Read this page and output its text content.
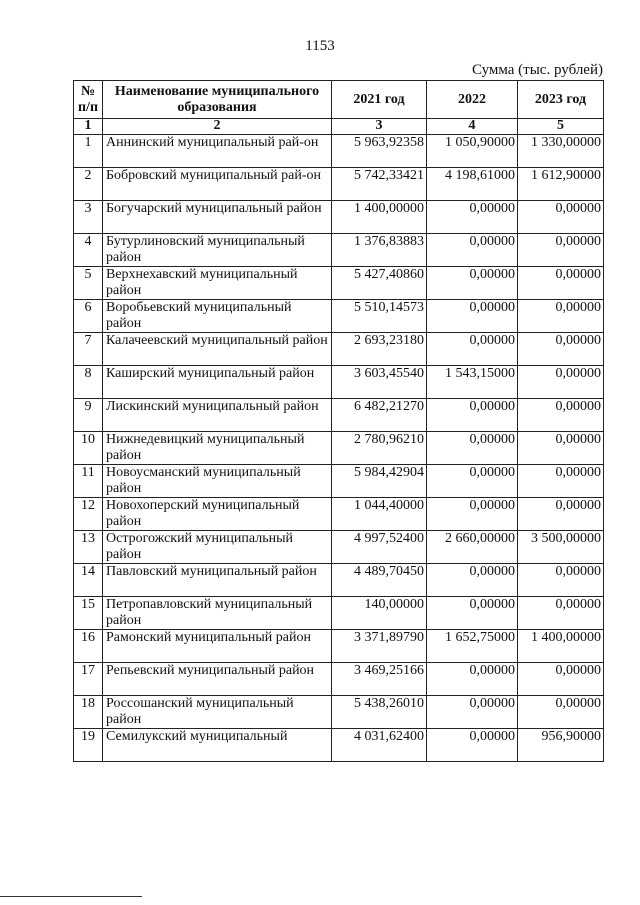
1153
Сумма (тыс. рублей)
№ п/п	Наименование муниципального образования	2021 год	2022	2023 год
1	2	3	4	5
1	Аннинский муниципальный рай-он	5 963,92358	1 050,90000	1 330,00000
2	Бобровский муниципальный рай-он	5 742,33421	4 198,61000	1 612,90000
3	Богучарский муниципальный район	1 400,00000	0,00000	0,00000
4	Бутурлиновский муниципальный район	1 376,83883	0,00000	0,00000
5	Верхнехавский муниципальный район	5 427,40860	0,00000	0,00000
6	Воробьевский муниципальный район	5 510,14573	0,00000	0,00000
7	Калачеевский муниципальный район	2 693,23180	0,00000	0,00000
8	Каширский муниципальный район	3 603,45540	1 543,15000	0,00000
9	Лискинский муниципальный район	6 482,21270	0,00000	0,00000
10	Нижнедевицкий муниципальный район	2 780,96210	0,00000	0,00000
11	Новоусманский муниципальный район	5 984,42904	0,00000	0,00000
12	Новохоперский муниципальный район	1 044,40000	0,00000	0,00000
13	Острогожский муниципальный район	4 997,52400	2 660,00000	3 500,00000
14	Павловский муниципальный район	4 489,70450	0,00000	0,00000
15	Петропавловский муниципальный район	140,00000	0,00000	0,00000
16	Рамонский муниципальный район	3 371,89790	1 652,75000	1 400,00000
17	Репьевский муниципальный район	3 469,25166	0,00000	0,00000
18	Россошанский муниципальный район	5 438,26010	0,00000	0,00000
19	Семилукский муниципальный	4 031,62400	0,00000	956,90000
